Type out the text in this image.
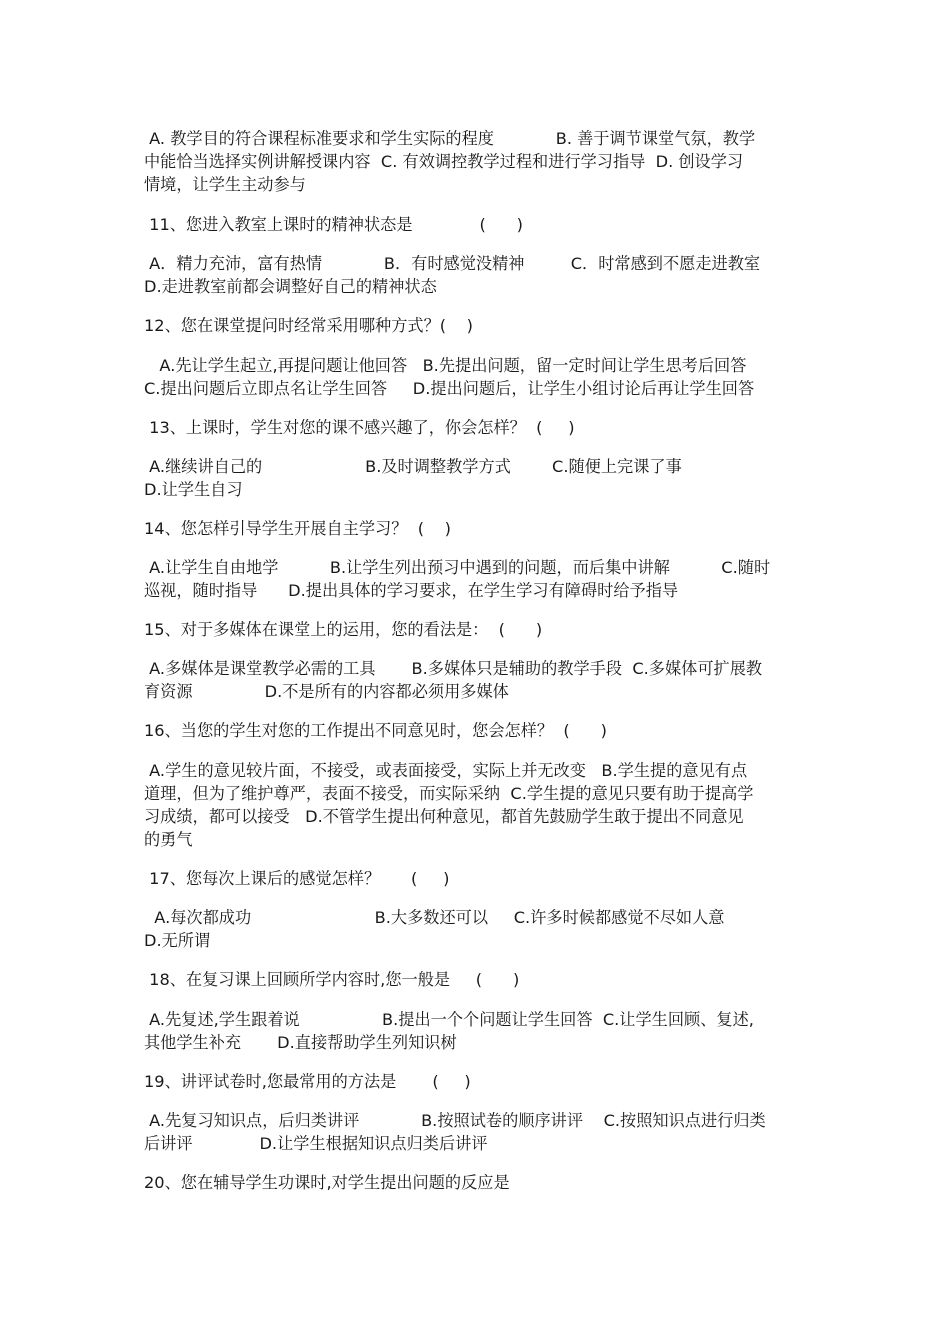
A. 教学目的符合课程标准要求和学生实际的程度            B. 善于调节课堂气氛，教学
中能恰当选择实例讲解授课内容  C. 有效调控教学过程和进行学习指导  D. 创设学习
情境，让学生主动参与
11、您进入教室上课时的精神状态是             (      )
A．精力充沛，富有热情            B．有时感觉没精神         C．时常感到不愿走进教室
D.走进教室前都会调整好自己的精神状态
12、您在课堂提问时经常采用哪种方式？(    )
A.先让学生起立,再提问题让他回答   B.先提出问题，留一定时间让学生思考后回答
C.提出问题后立即点名让学生回答     D.提出问题后，让学生小组讨论后再让学生回答
13、上课时，学生对您的课不感兴趣了，你会怎样？  (     )
A.继续讲自己的                    B.及时调整教学方式        C.随便上完课了事
D.让学生自习
14、您怎样引导学生开展自主学习？  (    )
A.让学生自由地学          B.让学生列出预习中遇到的问题，而后集中讲解          C.随时
巡视，随时指导      D.提出具体的学习要求，在学生学习有障碍时给予指导
15、对于多媒体在课堂上的运用，您的看法是：  (      )
A.多媒体是课堂教学必需的工具       B.多媒体只是辅助的教学手段  C.多媒体可扩展教
育资源              D.不是所有的内容都必须用多媒体
16、当您的学生对您的工作提出不同意见时，您会怎样？  (      )
A.学生的意见较片面，不接受，或表面接受，实际上并无改变   B.学生提的意见有点
道理，但为了维护尊严，表面不接受，而实际采纳  C.学生提的意见只要有助于提高学
习成绩，都可以接受   D.不管学生提出何种意见，都首先鼓励学生敢于提出不同意见
的勇气
17、您每次上课后的感觉怎样？      (     )
A.每次都成功                        B.大多数还可以     C.许多时候都感觉不尽如人意
D.无所谓
18、在复习课上回顾所学内容时,您一般是     (      )
A.先复述,学生跟着说                B.提出一个个问题让学生回答  C.让学生回顾、复述,
其他学生补充       D.直接帮助学生列知识树
19、讲评试卷时,您最常用的方法是       (     )
A.先复习知识点，后归类讲评            B.按照试卷的顺序讲评    C.按照知识点进行归类
后讲评             D.让学生根据知识点归类后讲评
20、您在辅导学生功课时,对学生提出问题的反应是
